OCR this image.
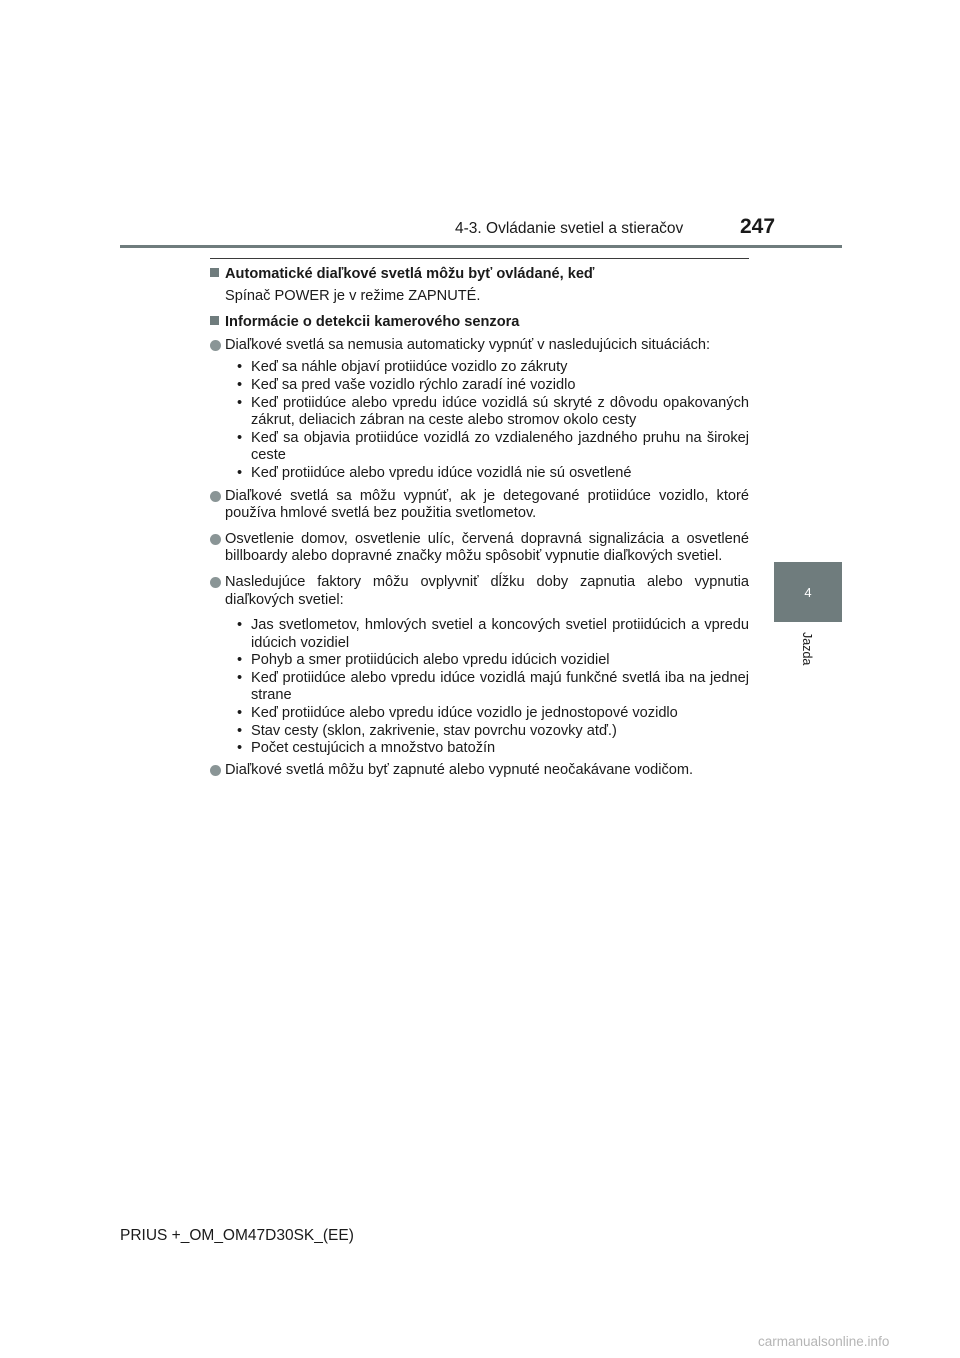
4-3. Ovládanie svetiel a stieračov	247
4
Jazda
Automatické diaľkové svetlá môžu byť ovládané, keď
Spínač POWER je v režime ZAPNUTÉ.
Informácie o detekcii kamerového senzora
Diaľkové svetlá sa nemusia automaticky vypnúť v nasledujúcich situáciách:
• Keď sa náhle objaví protiidúce vozidlo zo zákruty
• Keď sa pred vaše vozidlo rýchlo zaradí iné vozidlo
• Keď protiidúce alebo vpredu idúce vozidlá sú skryté z dôvodu opakovaných zákrut, deliacich zábran na ceste alebo stromov okolo cesty
• Keď sa objavia protiidúce vozidlá zo vzdialeného jazdného pruhu na širokej ceste
• Keď protiidúce alebo vpredu idúce vozidlá nie sú osvetlené
Diaľkové svetlá sa môžu vypnúť, ak je detegované protiidúce vozidlo, ktoré používa hmlové svetlá bez použitia svetlometov.
Osvetlenie domov, osvetlenie ulíc, červená dopravná signalizácia a osvetlené billboardy alebo dopravné značky môžu spôsobiť vypnutie diaľkových svetiel.
Nasledujúce faktory môžu ovplyvniť dĺžku doby zapnutia alebo vypnutia diaľkových svetiel:
• Jas svetlometov, hmlových svetiel a koncových svetiel protiidúcich a vpredu idúcich vozidiel
• Pohyb a smer protiidúcich alebo vpredu idúcich vozidiel
• Keď protiidúce alebo vpredu idúce vozidlá majú funkčné svetlá iba na jednej strane
• Keď protiidúce alebo vpredu idúce vozidlo je jednostopové vozidlo
• Stav cesty (sklon, zakrivenie, stav povrchu vozovky atď.)
• Počet cestujúcich a množstvo batožín
Diaľkové svetlá môžu byť zapnuté alebo vypnuté neočakávane vodičom.
PRIUS +_OM_OM47D30SK_(EE)
carmanualsonline.info
